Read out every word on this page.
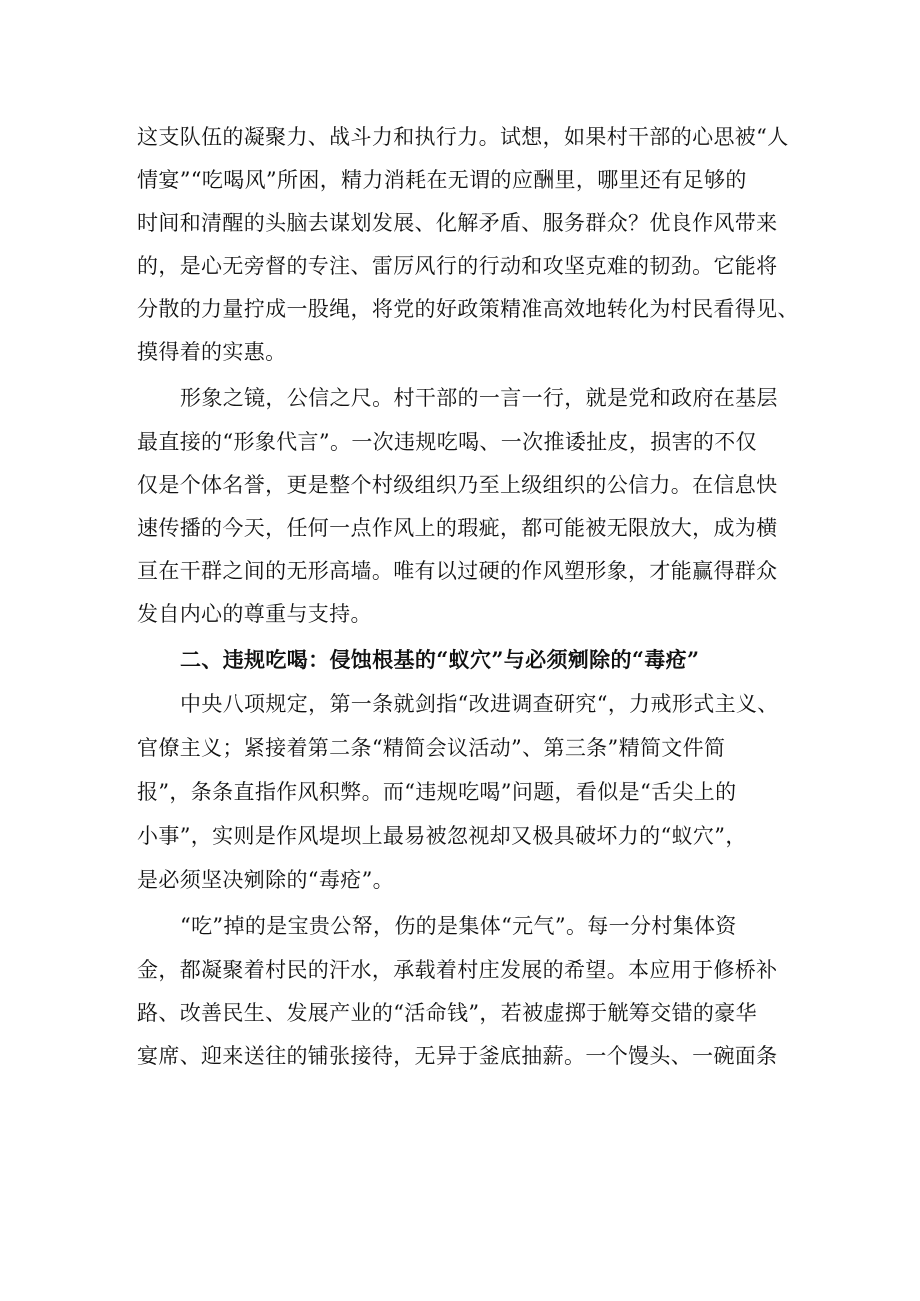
这支队伍的凝聚力、战斗力和执行力。试想，如果村干部的心思被“人
情宴”“吃喝风”所困，精力消耗在无谓的应酬里，哪里还有足够的
时间和清醒的头脑去谋划发展、化解矛盾、服务群众？优良作风带来
的，是心无旁督的专注、雷厉风行的行动和攻坚克难的韧劲。它能将
分散的力量拧成一股绳，将党的好政策精准高效地转化为村民看得见、
摸得着的实惠。
形象之镜，公信之尺。村干部的一言一行，就是党和政府在基层
最直接的“形象代言”。一次违规吃喝、一次推诿扯皮，损害的不仅
仅是个体名誉，更是整个村级组织乃至上级组织的公信力。在信息快
速传播的今天，任何一点作风上的瑕疵，都可能被无限放大，成为横
亘在干群之间的无形高墙。唯有以过硬的作风塑形象，才能赢得群众
发自内心的尊重与支持。
二、违规吃喝：侵蚀根基的“蚁穴”与必须剜除的“毒疮”
中央八项规定，第一条就剑指“改进调查研究“，力戒形式主义、
官僚主义；紧接着第二条“精简会议活动”、第三条”精简文件简
报”，条条直指作风积弊。而“违规吃喝”问题，看似是“舌尖上的
小事”，实则是作风堤坝上最易被忽视却又极具破坏力的“蚁穴”，
是必须坚决剜除的“毒疮”。
“吃”掉的是宝贵公帑，伤的是集体“元气”。每一分村集体资
金，都凝聚着村民的汗水，承载着村庄发展的希望。本应用于修桥补
路、改善民生、发展产业的“活命钱”，若被虚掷于觥筹交错的豪华
宴席、迎来送往的铺张接待，无异于釜底抽薪。一个馒头、一碗面条
